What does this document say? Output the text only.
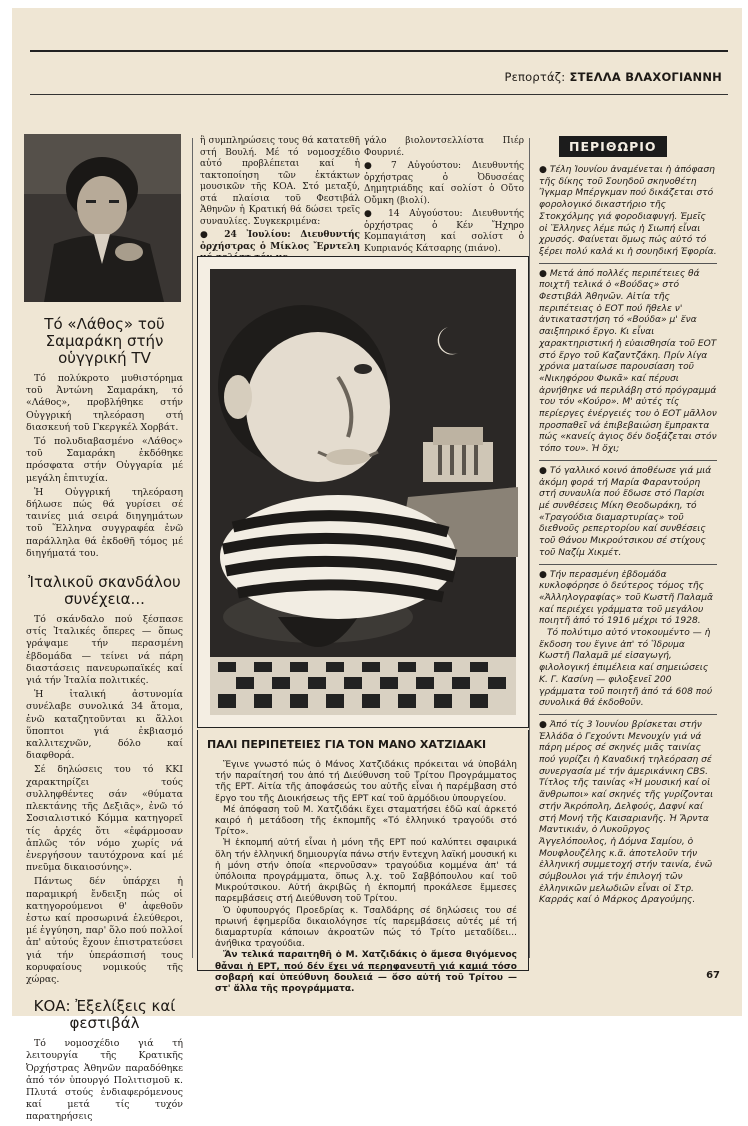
Ρεπορτάζ: ΣΤΕΛΛΑ ΒΛΑΧΟΓΙΑΝΝΗ
Τό «Λάθος» τοῦ Σαμαράκη στήν οὑγγρική TV

Τό πολύκροτο μυθιστόρημα τοῦ Ἀντώνη Σαμαράκη, τό «Λάθος», προβλήθηκε στήν Οὑγγρική τηλεόραση στή διασκευή τοῦ Γκεργκέλ Χορβάτ.

Τό πολυδιαβασμένο «Λάθος» τοῦ Σαμαράκη ἐκδόθηκε πρόσφατα στήν Οὑγγαρία μέ μεγάλη ἐπιτυχία.

Ἡ Οὑγγρική τηλεόραση δήλωσε πώς θά γυρίσει σέ ταινίες μιά σειρά διηγημάτων τοῦ Ἕλληνα συγγραφέα ἐνῶ παράλληλα θά ἐκδοθῆ τόμος μέ διηγήματά του.

Ἰταλικοῦ σκανδάλου συνέχεια...

Τό σκάνδαλο πού ξέσπασε στίς Ἰταλικές ὄπερες — ὅπως γράψαμε τήν περασμένη ἑβδομάδα — τείνει νά πάρη διαστάσεις πανευρωπαϊκές καί γιά τήν Ἰταλία πολιτικές.

Ἡ ἰταλική ἀστυνομία συνέλαβε συνολικά 34 ἄτομα, ἐνῶ καταζητοῦνται κι ἄλλοι ὕποπτοι γιά ἐκβιασμό καλλιτεχνῶν, δόλο καί διαφθορά.

Σέ δηλώσεις του τό ΚΚΙ χαρακτηρίζει τούς συλληφθέντες σάν «θύματα πλεκτάνης τῆς Δεξιᾶς», ἐνῶ τό Σοσιαλιστικό Κόμμα κατηγορεῖ τίς ἀρχές ὅτι «ἐφάρμοσαν ἁπλῶς τόν νόμο χωρίς νά ἐνεργήσουν ταυτόχρονα καί μέ πνεῦμα δικαιοσύνης».

Πάντως δέν ὑπάρχει ἡ παραμικρή ἔνδειξη πώς οἱ κατηγορούμενοι θ' ἀφεθοῦν ἐστω καί προσωρινά ἐλεύθεροι, μέ ἐγγύηση, παρ' ὅλο πού πολλοί ἀπ' αὐτούς ἔχουν ἐπιστρατεύσει γιά τήν ὑπεράσπισή τους κορυφαίους νομικούς τῆς χώρας.

ΚΟΑ: Ἐξελίξεις καί φεστιβάλ

Τό νομοσχέδιο γιά τή λειτουργία τῆς Κρατικῆς Ὀρχήστρας Ἀθηνῶν παραδόθηκε ἀπό τόν ὑπουργό Πολιτισμοῦ κ. Πλυτά στούς ἐνδιαφερόμενους καί μετά τίς τυχόν παρατηρήσεις

ἢ συμπληρώσεις τους θά κατατεθῆ στή Βουλή. Μέ τό νομοσχέδιο αὐτό προβλέπεται καί ἡ τακτοποίηση τῶν ἐκτάκτων μουσικῶν τῆς ΚΟΑ. Στό μεταξύ, στά πλαίσια τοῦ Φεστιβάλ Ἀθηνῶν ἡ Κρατική θά δώσει τρεῖς συναυλίες. Συγκεκριμένα:

● 24 Ἰουλίου: Διευθυντής ὀρχήστρας ὁ Μίκλος Ἔρντελη

γάλο βιολοντσελλίστα Πιέρ Φουρνιέ.

● 7 Αὐγούστου: Διευθυντής ὀρχήστρας ὁ Ὀδυσσέας Δημητριάδης καί σολίστ ὁ Οὔτο Οὔμκη (βιολί).

● 14 Αὐγούστου: Διευθυντής ὀρχήστρας ὁ Κέν Ἤχηρο Κομπαγιάτση καί σολίστ ὁ Κυπριανός Κάτσαρης (πιάνο).

ΠΑΛΙ ΠΕΡΙΠΕΤΕΙΕΣ ΓΙΑ ΤΟΝ ΜΑΝΟ ΧΑΤΖΙΔΑΚΙ

Ἔγινε γνωστό πώς ὁ Μάνος Χατζιδάκις πρόκειται νά ὑποβάλη τήν παραίτησή του ἀπό τή Διεύθυνση τοῦ Τρίτου Προγράμματος τῆς ΕΡΤ. Αἰτία τῆς ἀποφάσεώς του αὐτῆς εἶναι ἡ παρέμβαση στό ἔργο του τῆς Διοικήσεως τῆς ΕΡΤ καί τοῦ ἁρμόδιου ὑπουργείου.

Μέ ἀπόφαση τοῦ Μ. Χατζιδάκι ἔχει σταματήσει ἐδῶ καί ἀρκετό καιρό ἡ μετάδοση τῆς ἐκπομπῆς «Τό ἑλληνικό τραγούδι στό Τρίτο».

Ἡ ἐκπομπή αὐτή εἶναι ἡ μόνη τῆς ΕΡΤ πού καλύπτει σφαιρικά ὅλη τήν ἑλληνική δημιουργία πάνω στήν ἔντεχνη λαϊκή μουσική κι ἡ μόνη στήν ὁποία «περνοῦσαν» τραγούδια κομμένα ἀπ' τά ὑπόλοιπα προγράμματα, ὅπως λ.χ. τοῦ Σαββόπουλου καί τοῦ Μικρούτσικου. Αὐτή ἀκριβῶς ἡ ἐκπομπή προκάλεσε ἔμμεσες παρεμβάσεις στή Διεύθυνση τοῦ Τρίτου.

Ὁ ὑφυπουργός Προεδρίας κ. Τσαλδάρης σέ δηλώσεις του σέ πρωινή ἐφημερίδα δικαιολόγησε τίς παρεμβάσεις αὐτές μέ τή διαμαρτυρία κάποιων ἀκροατῶν πώς τό Τρίτο μεταδίδει... ἀνήθικα τραγούδια.

Ἄν τελικά παραιτηθῆ ὁ Μ. Χατζιδάκις ὁ ἄμεσα θιγόμενος θἆναι ἡ ΕΡΤ, πού δέν ἔχει νά περηφανευτῆ γιά καμιά τόσο σοβαρή καί ὑπεύθυνη δουλειά — ὅσο αὐτή τοῦ Τρίτου — στ' ἄλλα τῆς προγράμματα.

ΠΕΡΙΘΩΡΙΟ

● Τέλη Ἰουνίου ἀναμένεται ἡ ἀπόφαση τῆς δίκης τοῦ Σουηδοῦ σκηνοθέτη Ἴγκμαρ Μπέργκμαν πού δικάζεται στό φορολογικό δικαστήριο τῆς Στοκχόλμης γιά φοροδιαφυγή. Ἐμεῖς οἱ Ἕλληνες λέμε πώς ἡ Σιωπή εἶναι χρυσός. Φαίνεται ὅμως πώς αὐτό τό ξέρει πολύ καλά κι ἡ σουηδική Ἐφορία.

● Μετά ἀπό πολλές περιπέτειες θά ποιχτῆ τελικά ὁ «Βούδας» στό Φεστιβάλ Ἀθηνῶν. Αἰτία τῆς περιπέτειας ὁ ΕΟΤ πού ἤθελε ν' ἀντικαταστήση τό «Βούδα» μ' ἕνα σαιξπηρικό ἔργο. Κι εἶναι χαρακτηριστική ἡ εὐαισθησία τοῦ ΕΟΤ στό ἔργο τοῦ Καζαντζάκη. Πρίν λίγα χρόνια ματαίωσε παρουσίαση τοῦ «Νικηφόρου Φωκᾶ» καί πέρυσι ἀρνήθηκε νά περιλάβη στό πρόγραμμά του τόν «Κούρο». Μ' αὐτές τίς περίεργες ἐνέργειές του ὁ ΕΟΤ μᾶλλον προσπαθεῖ νά ἐπιβεβαιώση ἔμπρακτα πώς «κανείς ἀγιος δέν δοξάζεται στόν τόπο του». Ἡ ὄχι;

● Τό γαλλικό κοινό ἀποθέωσε γιά μιά ἀκόμη φορά τή Μαρία Φαραντούρη στή συναυλία πού ἔδωσε στό Παρίσι μέ συνθέσεις Μίκη Θεοδωράκη, τό «Τραγούδια διαμαρτυρίας» τοῦ διεθνοῦς ρεπερτορίου καί συνθέσεις τοῦ Θάνου Μικρούτσικου σέ στίχους τοῦ Ναζίμ Χικμέτ.

● Τήν περασμένη ἑβδομάδα κυκλοφόρησε ὁ δεύτερος τόμος τῆς «Ἀλληλογραφίας» τοῦ Κωστῆ Παλαμᾶ καί περιέχει γράμματα τοῦ μεγάλου ποιητῆ ἀπό τό 1916 μέχρι τό 1928.

Τό πολύτιμο αὐτό ντοκουμέντο — ἡ ἔκδοση του ἔγινε ἀπ' τό Ἵδρυμα Κωστῆ Παλαμᾶ μέ εἰσαγωγή, φιλολογική ἐπιμέλεια καί σημειώσεις Κ. Γ. Κασίνη — φιλοξενεῖ 200 γράμματα τοῦ ποιητῆ ἀπό τά 608 πού συνολικά θά ἐκδοθοῦν.

● Ἀπό τίς 3 Ἰουνίου βρίσκεται στήν Ἑλλάδα ὁ Γεχούντι Μενουχίν γιά νά πάρη μέρος σέ σκηνές μιᾶς ταινίας πού γυρίζει ἡ Καναδική τηλεόραση σέ συνεργασία μέ τήν ἀμερικάνικη CBS. Τίτλος τῆς ταινίας «Ἡ μουσική καί οἱ ἄνθρωποι» καί σκηνές τῆς γυρίζονται στήν Ἀκρόπολη, Δελφούς, Δαφνί καί στή Μονή τῆς Καισαριανῆς. Ἡ Ἄρντα Μαντικιάν, ὁ Λυκοῦργος Ἀγγελόπουλος, ἡ Δόμνα Σαμίου, ὁ Μουφλουζέλης κ.ἄ. ἀποτελοῦν τήν ἑλληνική συμμετοχή στήν ταινία, ἐνῶ σύμβουλοι γιά τήν ἐπιλογή τῶν ἑλληνικῶν μελωδιῶν εἶναι οἱ Στρ. Καρράς καί ὁ Μάρκος Δραγούμης.

67
